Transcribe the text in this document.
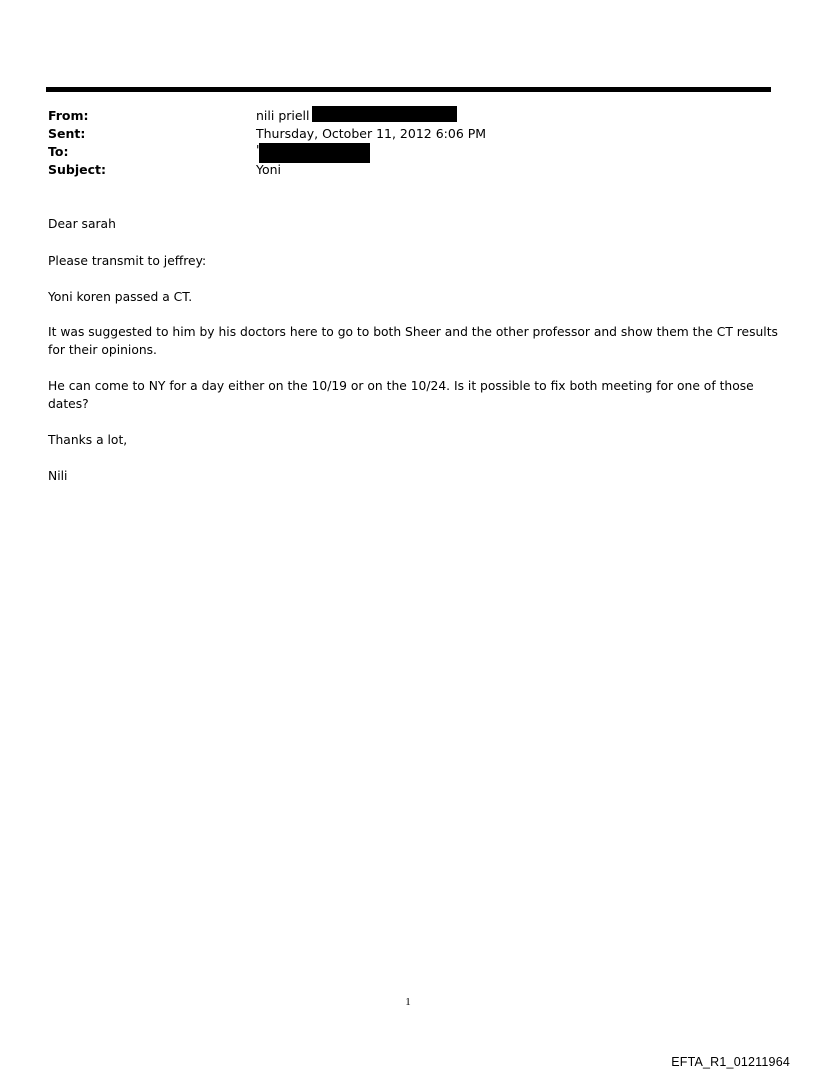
From:	nili priell
Sent:	Thursday, October 11, 2012 6:06 PM
To:	'
Subject:	Yoni
Dear sarah
Please transmit to jeffrey:
Yoni koren passed a CT.
It was suggested to him by his doctors here to go to both Sheer and the other professor and show them the CT results
for their opinions.
He can come to NY for a day either on the 10/19 or on the 10/24. Is it possible to fix both meeting for one of those
dates?
Thanks a lot,
Nili
1
EFTA_R1_01211964
